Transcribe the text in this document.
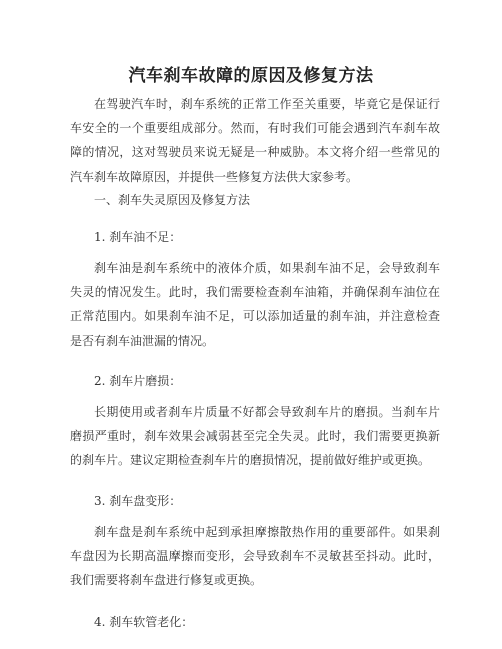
汽车刹车故障的原因及修复方法

在驾驶汽车时，刹车系统的正常工作至关重要，毕竟它是保证行车安全的一个重要组成部分。然而，有时我们可能会遇到汽车刹车故障的情况，这对驾驶员来说无疑是一种威胁。本文将介绍一些常见的汽车刹车故障原因，并提供一些修复方法供大家参考。

一、刹车失灵原因及修复方法

1. 刹车油不足：

刹车油是刹车系统中的液体介质，如果刹车油不足，会导致刹车失灵的情况发生。此时，我们需要检查刹车油箱，并确保刹车油位在正常范围内。如果刹车油不足，可以添加适量的刹车油，并注意检查是否有刹车油泄漏的情况。

2. 刹车片磨损：

长期使用或者刹车片质量不好都会导致刹车片的磨损。当刹车片磨损严重时，刹车效果会减弱甚至完全失灵。此时，我们需要更换新的刹车片。建议定期检查刹车片的磨损情况，提前做好维护或更换。

3. 刹车盘变形：

刹车盘是刹车系统中起到承担摩擦散热作用的重要部件。如果刹车盘因为长期高温摩擦而变形，会导致刹车不灵敏甚至抖动。此时，我们需要将刹车盘进行修复或更换。

4. 刹车软管老化：
